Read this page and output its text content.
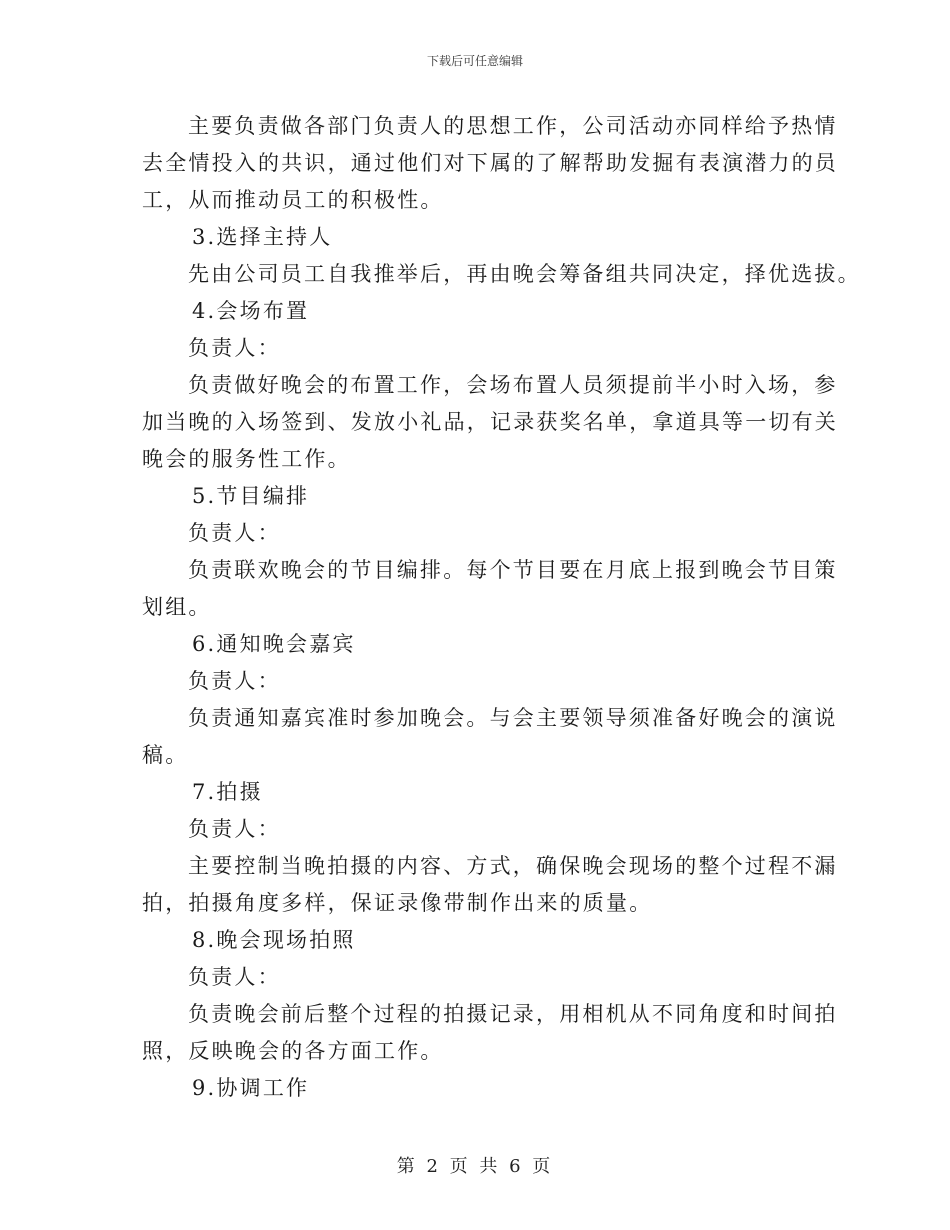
下载后可任意编辑
主要负责做各部门负责人的思想工作，公司活动亦同样给予热情
去全情投入的共识，通过他们对下属的了解帮助发掘有表演潜力的员
工，从而推动员工的积极性。
3.选择主持人
先由公司员工自我推举后，再由晚会筹备组共同决定，择优选拔。
4.会场布置
负责人：
负责做好晚会的布置工作，会场布置人员须提前半小时入场，参
加当晚的入场签到、发放小礼品，记录获奖名单，拿道具等一切有关
晚会的服务性工作。
5.节目编排
负责人：
负责联欢晚会的节目编排。每个节目要在月底上报到晚会节目策
划组。
6.通知晚会嘉宾
负责人：
负责通知嘉宾准时参加晚会。与会主要领导须准备好晚会的演说
稿。
7.拍摄
负责人：
主要控制当晚拍摄的内容、方式，确保晚会现场的整个过程不漏
拍，拍摄角度多样，保证录像带制作出来的质量。
8.晚会现场拍照
负责人：
负责晚会前后整个过程的拍摄记录，用相机从不同角度和时间拍
照，反映晚会的各方面工作。
9.协调工作
第 2 页 共 6 页
